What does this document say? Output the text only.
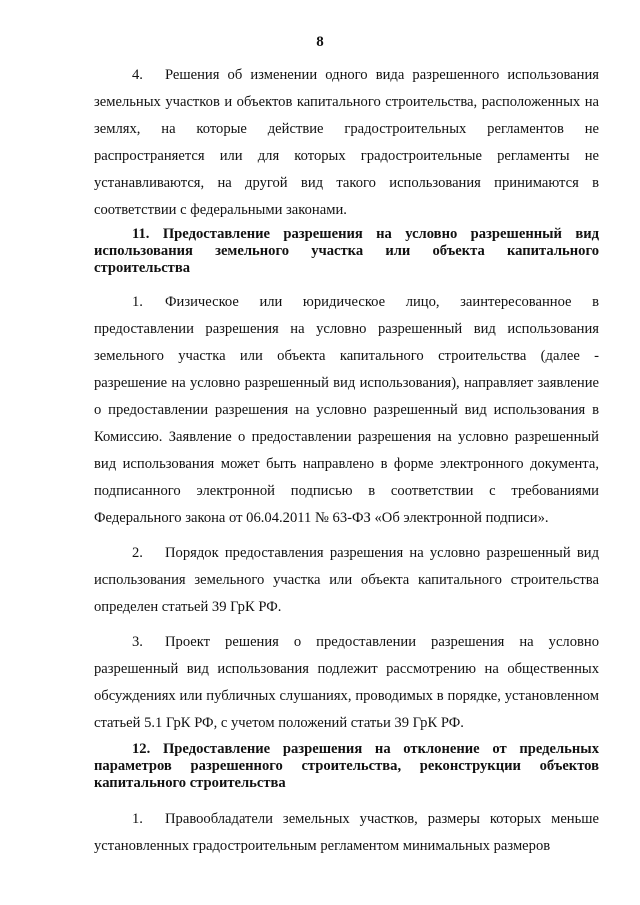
8

4. Решения об изменении одного вида разрешенного использования земельных участков и объектов капитального строительства, расположенных на землях, на которые действие градостроительных регламентов не распространяется или для которых градостроительные регламенты не устанавливаются, на другой вид такого использования принимаются в соответствии с федеральными законами.

11. Предоставление разрешения на условно разрешенный вид использования земельного участка или объекта капитального строительства

1. Физическое или юридическое лицо, заинтересованное в предоставлении разрешения на условно разрешенный вид использования земельного участка или объекта капитального строительства (далее - разрешение на условно разрешенный вид использования), направляет заявление о предоставлении разрешения на условно разрешенный вид использования в Комиссию. Заявление о предоставлении разрешения на условно разрешенный вид использования может быть направлено в форме электронного документа, подписанного электронной подписью в соответствии с требованиями Федерального закона от 06.04.2011 № 63-ФЗ «Об электронной подписи».

2. Порядок предоставления разрешения на условно разрешенный вид использования земельного участка или объекта капитального строительства определен статьей 39 ГрК РФ.

3. Проект решения о предоставлении разрешения на условно разрешенный вид использования подлежит рассмотрению на общественных обсуждениях или публичных слушаниях, проводимых в порядке, установленном статьей 5.1 ГрК РФ, с учетом положений статьи 39 ГрК РФ.

12. Предоставление разрешения на отклонение от предельных параметров разрешенного строительства, реконструкции объектов капитального строительства

1. Правообладатели земельных участков, размеры которых меньше установленных градостроительным регламентом минимальных размеров
